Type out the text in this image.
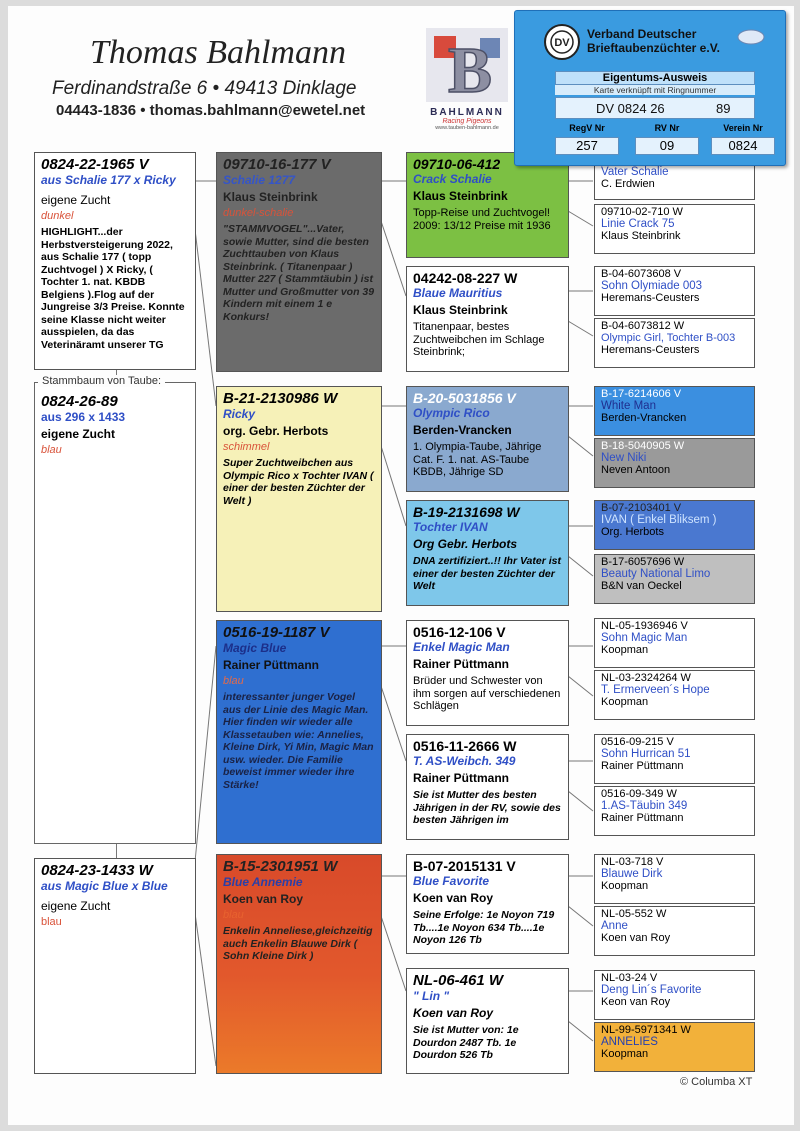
Thomas Bahlmann
Ferdinandstraße 6 • 49413 Dinklage
04443-1836 • thomas.bahlmann@ewetel.net
B
BAHLMANN
Racing Pigeons
www.tauben-bahlmann.de
0824-22-1965 V
aus Schalie 177 x Ricky
eigene Zucht
dunkel
HIGHLIGHT...der Herbstversteigerung 2022, aus Schalie 177 ( topp Zuchtvogel ) X Ricky, ( Tochter 1. nat. KBDB Belgiens ).Flog auf der Jungreise 3/3 Preise. Konnte seine Klasse nicht weiter ausspielen, da das Veterinäramt unserer TG
0824-26-89
aus 296 x 1433
eigene Zucht
blau
Stammbaum von Taube:
0824-23-1433 W
aus Magic Blue x Blue
eigene Zucht
blau
09710-16-177 V
Schalie 1277
Klaus Steinbrink
dunkel-schalie
"STAMMVOGEL"...Vater, sowie Mutter, sind die besten Zuchttauben von Klaus Steinbrink. ( Titanenpaar ) Mutter 227 ( Stammtäubin ) ist Mutter und Großmutter von 39 Kindern mit einem 1 e Konkurs!
B-21-2130986 W
Ricky
org. Gebr. Herbots
schimmel
Super Zuchtweibchen aus Olympic Rico x Tochter IVAN ( einer der besten Züchter der Welt )
0516-19-1187 V
Magic Blue
Rainer Püttmann
blau
interessanter junger Vogel aus der Linie des Magic Man. Hier finden wir wieder alle Klassetauben wie: Annelies, Kleine Dirk, Yi Min, Magic Man usw. wieder. Die Familie beweist immer wieder ihre Stärke!
B-15-2301951 W
Blue Annemie
Koen van Roy
blau
Enkelin Anneliese,gleichzeitig auch Enkelin Blauwe Dirk ( Sohn Kleine Dirk )
09710-06-412
Crack Schalie
Klaus Steinbrink
Topp-Reise und Zuchtvogel! 2009: 13/12 Preise mit 1936
04242-08-227 W
Blaue Mauritius
Klaus Steinbrink
Titanenpaar, bestes Zuchtweibchen im Schlage Steinbrink;
B-20-5031856 V
Olympic Rico
Berden-Vrancken
1. Olympia-Taube, Jährige Cat. F. 1. nat. AS-Taube KBDB, Jährige SD
B-19-2131698 W
Tochter IVAN
Org Gebr. Herbots
DNA zertifiziert..!! Ihr Vater ist einer der besten Züchter der Welt
0516-12-106 V
Enkel Magic Man
Rainer Püttmann
Brüder und Schwester von ihm sorgen auf verschiedenen Schlägen
0516-11-2666 W
T. AS-Weibch. 349
Rainer Püttmann
Sie ist Mutter des besten Jährigen in der RV, sowie des besten Jährigen im
B-07-2015131 V
Blue Favorite
Koen van Roy
Seine Erfolge: 1e Noyon 719 Tb....1e Noyon 634 Tb....1e Noyon 126 Tb
NL-06-461 W
" Lin "
Koen van Roy
Sie ist Mutter von: 1e Dourdon 2487 Tb. 1e Dourdon 526 Tb
Vater Schalie
C. Erdwien
09710-02-710 W
Linie Crack 75
Klaus Steinbrink
B-04-6073608 V
Sohn Olymiade 003
Heremans-Ceusters
B-04-6073812 W
Olympic Girl, Tochter B-003
Heremans-Ceusters
B-17-6214606 V
White Man
Berden-Vrancken
B-18-5040905 W
New Niki
Neven Antoon
B-07-2103401 V
IVAN ( Enkel Bliksem )
Org. Herbots
B-17-6057696 W
Beauty National Limo
B&N van Oeckel
NL-05-1936946 V
Sohn Magic Man
Koopman
NL-03-2324264 W
T. Ermerveen´s Hope
Koopman
0516-09-215 V
Sohn Hurrican 51
Rainer Püttmann
0516-09-349 W
1.AS-Täubin 349
Rainer Püttmann
NL-03-718 V
Blauwe Dirk
Koopman
NL-05-552 W
Anne
Koen van Roy
NL-03-24 V
Deng Lin´s Favorite
Keon van Roy
NL-99-5971341 W
ANNELIES
Koopman
DV
Verband Deutscher
Brieftaubenzüchter e.V.
Eigentums-Ausweis
Karte verknüpft mit Ringnummer
DV 0824 26	89
RegV Nr	RV Nr	Verein Nr
257	09	0824
© Columba XT
